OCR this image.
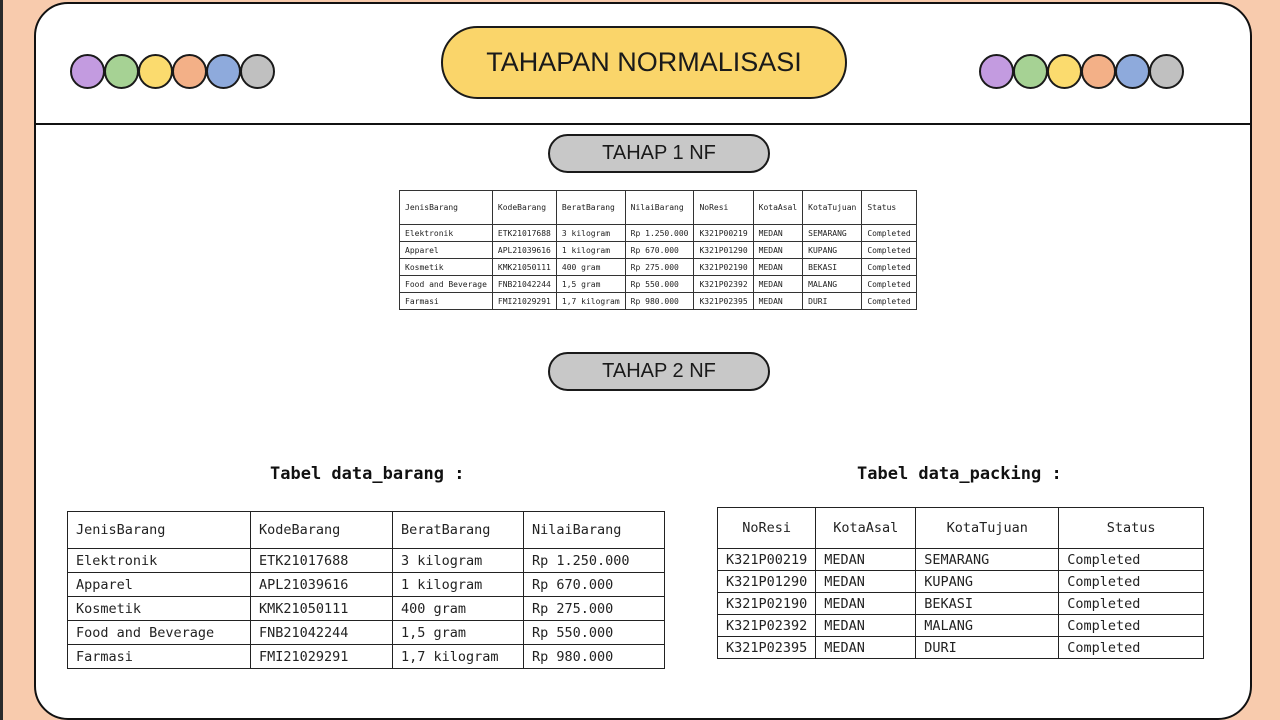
TAHAPAN NORMALISASI
TAHAP 1 NF
JenisBarang	KodeBarang	BeratBarang	NilaiBarang	NoResi	KotaAsal	KotaTujuan	Status
Elektronik	ETK21017688	3 kilogram	Rp 1.250.000	K321P00219	MEDAN	SEMARANG	Completed
Apparel	APL21039616	1 kilogram	Rp 670.000	K321P01290	MEDAN	KUPANG	Completed
Kosmetik	KMK21050111	400 gram	Rp 275.000	K321P02190	MEDAN	BEKASI	Completed
Food and Beverage	FNB21042244	1,5 gram	Rp 550.000	K321P02392	MEDAN	MALANG	Completed
Farmasi	FMI21029291	1,7 kilogram	Rp 980.000	K321P02395	MEDAN	DURI	Completed
TAHAP 2 NF
Tabel data_barang :	Tabel data_packing :
JenisBarang	KodeBarang	BeratBarang	NilaiBarang
Elektronik	ETK21017688	3 kilogram	Rp 1.250.000
Apparel	APL21039616	1 kilogram	Rp 670.000
Kosmetik	KMK21050111	400 gram	Rp 275.000
Food and Beverage	FNB21042244	1,5 gram	Rp 550.000
Farmasi	FMI21029291	1,7 kilogram	Rp 980.000
NoResi	KotaAsal	KotaTujuan	Status
K321P00219	MEDAN	SEMARANG	Completed
K321P01290	MEDAN	KUPANG	Completed
K321P02190	MEDAN	BEKASI	Completed
K321P02392	MEDAN	MALANG	Completed
K321P02395	MEDAN	DURI	Completed
